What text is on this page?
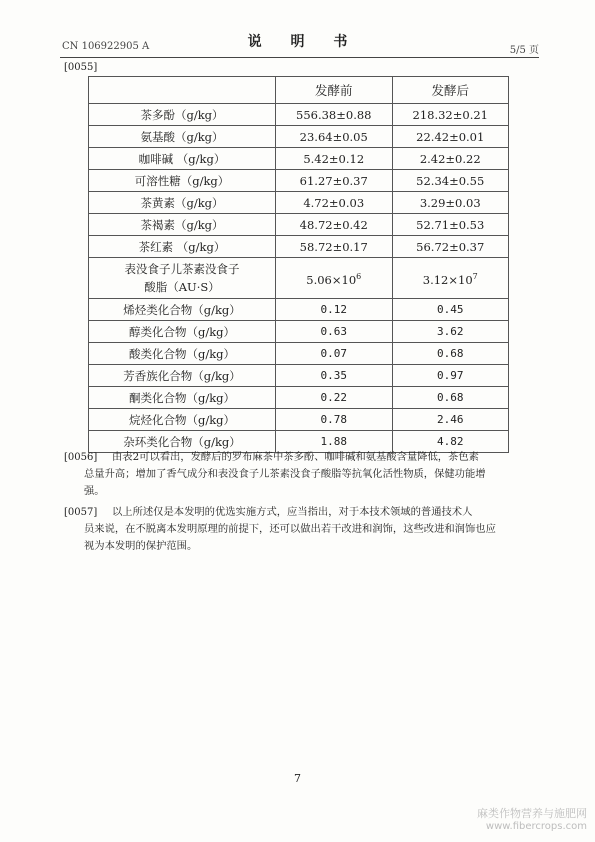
CN 106922905 A	说 明 书
5/5 页
[0055]
	发酵前	发酵后
茶多酚（g/kg）	556.38±0.88	218.32±0.21
氨基酸（g/kg）	23.64±0.05	22.42±0.01
咖啡碱 （g/kg）	5.42±0.12	2.42±0.22
可溶性糖（g/kg）	61.27±0.37	52.34±0.55
茶黄素（g/kg）	4.72±0.03	3.29±0.03
茶褐素（g/kg）	48.72±0.42	52.71±0.53
茶红素 （g/kg）	58.72±0.17	56.72±0.37
表没食子儿茶素没食子
酸脂（AU·S）	$5.06\times 10^6$	$3.12\times 10^7$
烯烃类化合物（g/kg）	0.12	0.45
醇类化合物（g/kg）	0.63	3.62
酸类化合物（g/kg）	0.07	0.68
芳香族化合物（g/kg）	0.35	0.97
酮类化合物（g/kg）	0.22	0.68
烷烃化合物（g/kg）	0.78	2.46
杂环类化合物（g/kg）	1.88	4.82
[0056] 由表2可以看出，发酵后的罗布麻茶中茶多酚、咖啡碱和氨基酸含量降低，茶色素
总量升高；增加了香气成分和表没食子儿茶素没食子酸脂等抗氧化活性物质，保健功能增
强。
[0057] 以上所述仅是本发明的优选实施方式，应当指出，对于本技术领域的普通技术人
员来说，在不脱离本发明原理的前提下，还可以做出若干改进和润饰，这些改进和润饰也应
视为本发明的保护范围。
7
麻类作物营养与施肥网
www.fibercrops.com
